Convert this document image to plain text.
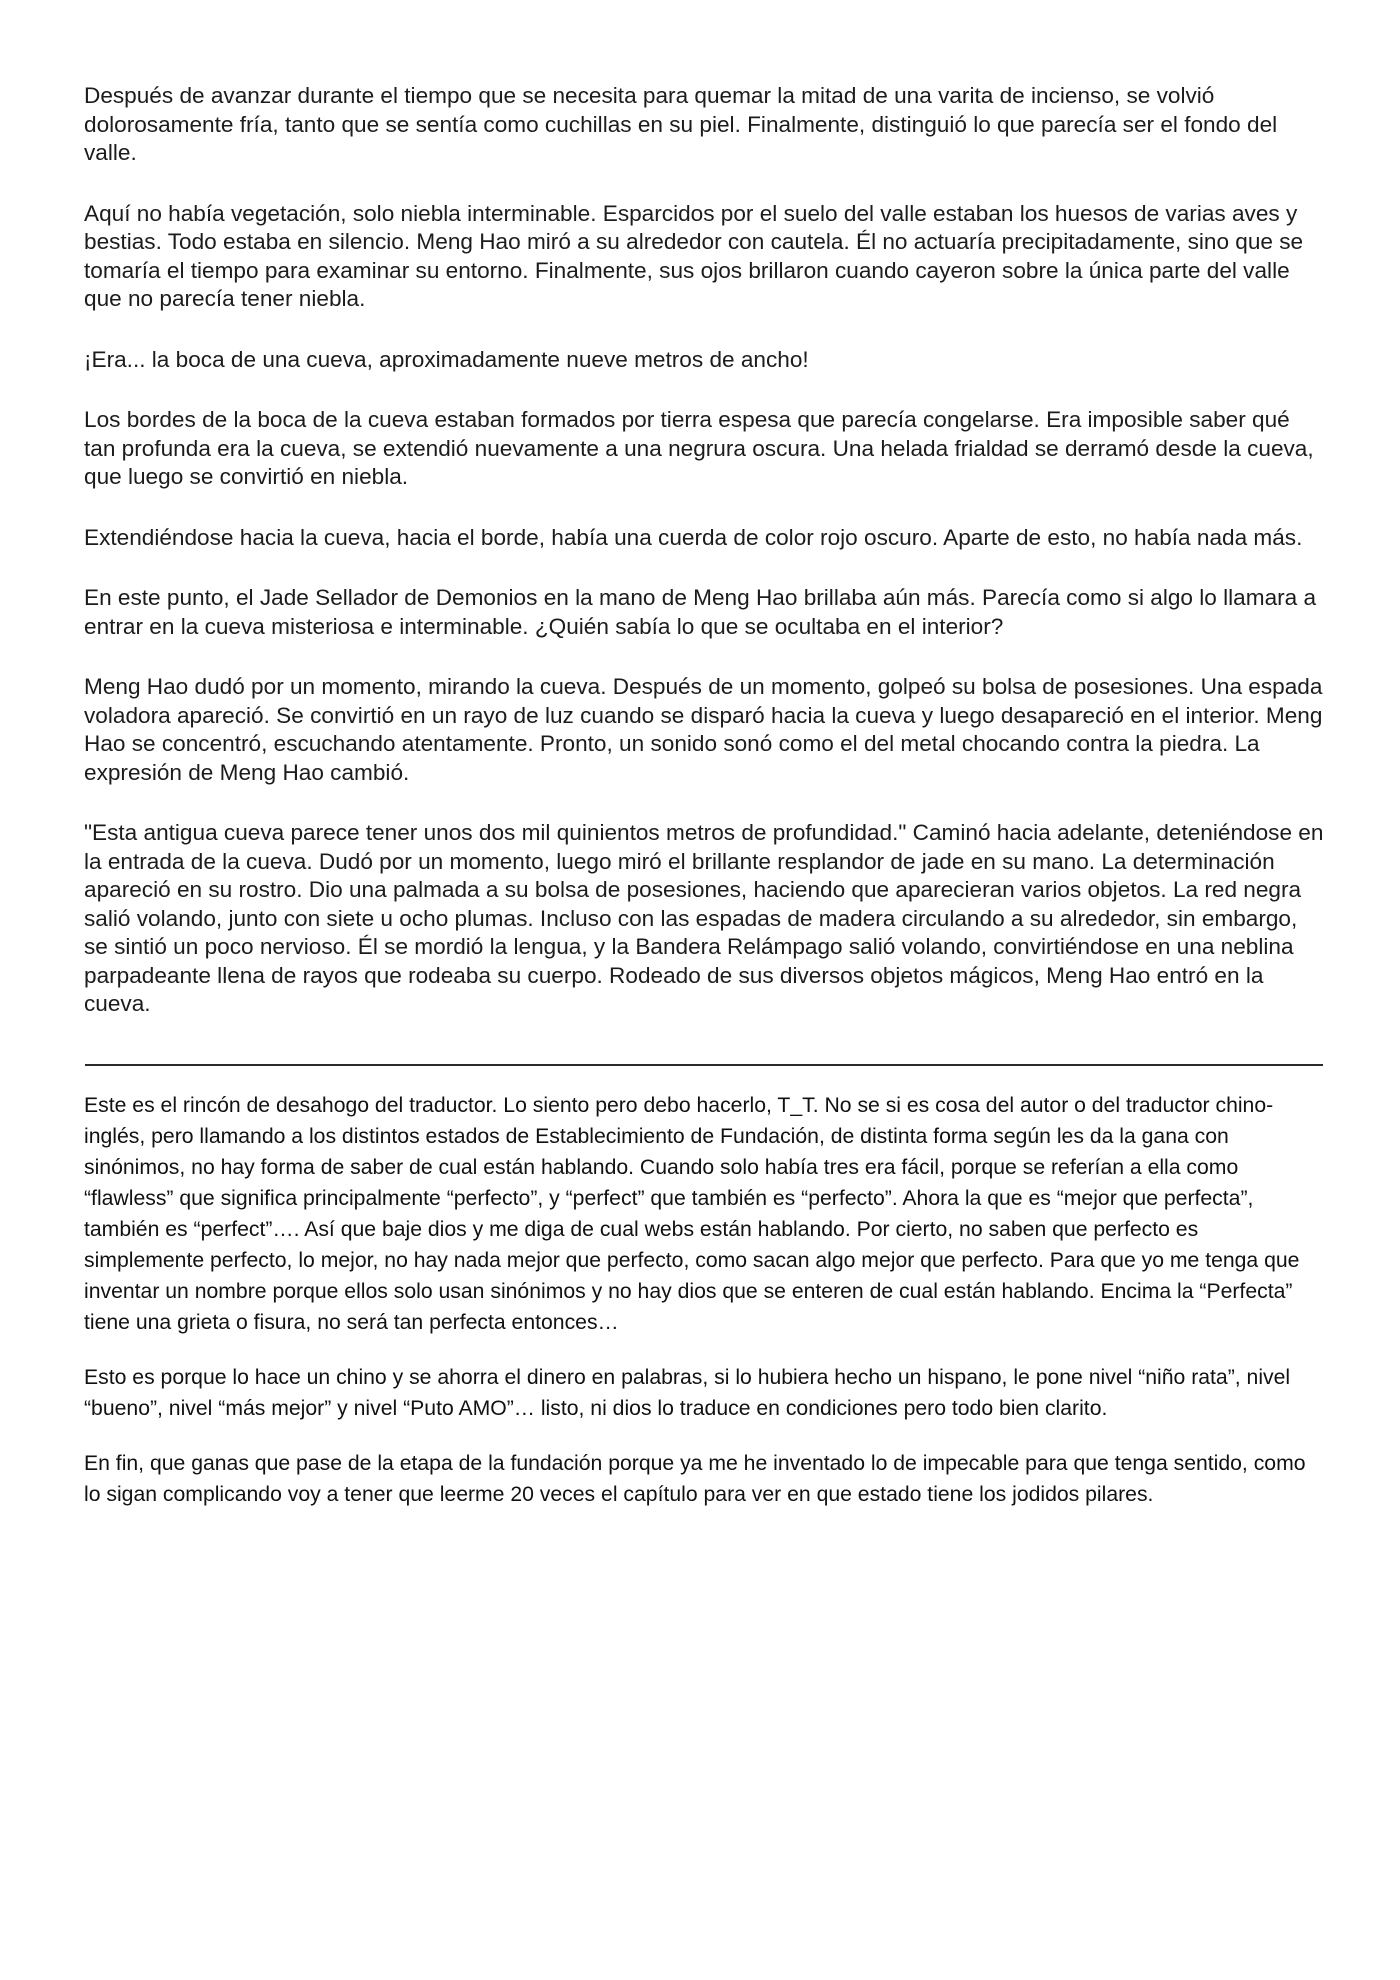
Después de avanzar durante el tiempo que se necesita para quemar la mitad de una varita de incienso, se volvió dolorosamente fría, tanto que se sentía como cuchillas en su piel. Finalmente, distinguió lo que parecía ser el fondo del valle.

Aquí no había vegetación, solo niebla interminable. Esparcidos por el suelo del valle estaban los huesos de varias aves y bestias. Todo estaba en silencio. Meng Hao miró a su alrededor con cautela. Él no actuaría precipitadamente, sino que se tomaría el tiempo para examinar su entorno. Finalmente, sus ojos brillaron cuando cayeron sobre la única parte del valle que no parecía tener niebla.

¡Era... la boca de una cueva, aproximadamente nueve metros de ancho!

Los bordes de la boca de la cueva estaban formados por tierra espesa que parecía congelarse. Era imposible saber qué tan profunda era la cueva, se extendió nuevamente a una negrura oscura. Una helada frialdad se derramó desde la cueva, que luego se convirtió en niebla.

Extendiéndose hacia la cueva, hacia el borde, había una cuerda de color rojo oscuro. Aparte de esto, no había nada más.

En este punto, el Jade Sellador de Demonios en la mano de Meng Hao brillaba aún más. Parecía como si algo lo llamara a entrar en la cueva misteriosa e interminable. ¿Quién sabía lo que se ocultaba en el interior?

Meng Hao dudó por un momento, mirando la cueva. Después de un momento, golpeó su bolsa de posesiones. Una espada voladora apareció. Se convirtió en un rayo de luz cuando se disparó hacia la cueva y luego desapareció en el interior. Meng Hao se concentró, escuchando atentamente. Pronto, un sonido sonó como el del metal chocando contra la piedra. La expresión de Meng Hao cambió.

"Esta antigua cueva parece tener unos dos mil quinientos metros de profundidad." Caminó hacia adelante, deteniéndose en la entrada de la cueva. Dudó por un momento, luego miró el brillante resplandor de jade en su mano. La determinación apareció en su rostro. Dio una palmada a su bolsa de posesiones, haciendo que aparecieran varios objetos. La red negra salió volando, junto con siete u ocho plumas. Incluso con las espadas de madera circulando a su alrededor, sin embargo, se sintió un poco nervioso. Él se mordió la lengua, y la Bandera Relámpago salió volando, convirtiéndose en una neblina parpadeante llena de rayos que rodeaba su cuerpo. Rodeado de sus diversos objetos mágicos, Meng Hao entró en la cueva.

Este es el rincón de desahogo del traductor. Lo siento pero debo hacerlo, T_T. No se si es cosa del autor o del traductor chino-inglés, pero llamando a los distintos estados de Establecimiento de Fundación, de distinta forma según les da la gana con sinónimos, no hay forma de saber de cual están hablando. Cuando solo había tres era fácil, porque se referían a ella como “flawless” que significa principalmente “perfecto”, y “perfect” que también es “perfecto”. Ahora la que es “mejor que perfecta”, también es “perfect”…. Así que baje dios y me diga de cual webs están hablando. Por cierto, no saben que perfecto es simplemente perfecto, lo mejor, no hay nada mejor que perfecto, como sacan algo mejor que perfecto. Para que yo me tenga que inventar un nombre porque ellos solo usan sinónimos y no hay dios que se enteren de cual están hablando. Encima la “Perfecta” tiene una grieta o fisura, no será tan perfecta entonces…

Esto es porque lo hace un chino y se ahorra el dinero en palabras, si lo hubiera hecho un hispano, le pone nivel “niño rata”, nivel “bueno”, nivel “más mejor” y nivel “Puto AMO”… listo, ni dios lo traduce en condiciones pero todo bien clarito.

En fin, que ganas que pase de la etapa de la fundación porque ya me he inventado lo de impecable para que tenga sentido, como lo sigan complicando voy a tener que leerme 20 veces el capítulo para ver en que estado tiene los jodidos pilares.
